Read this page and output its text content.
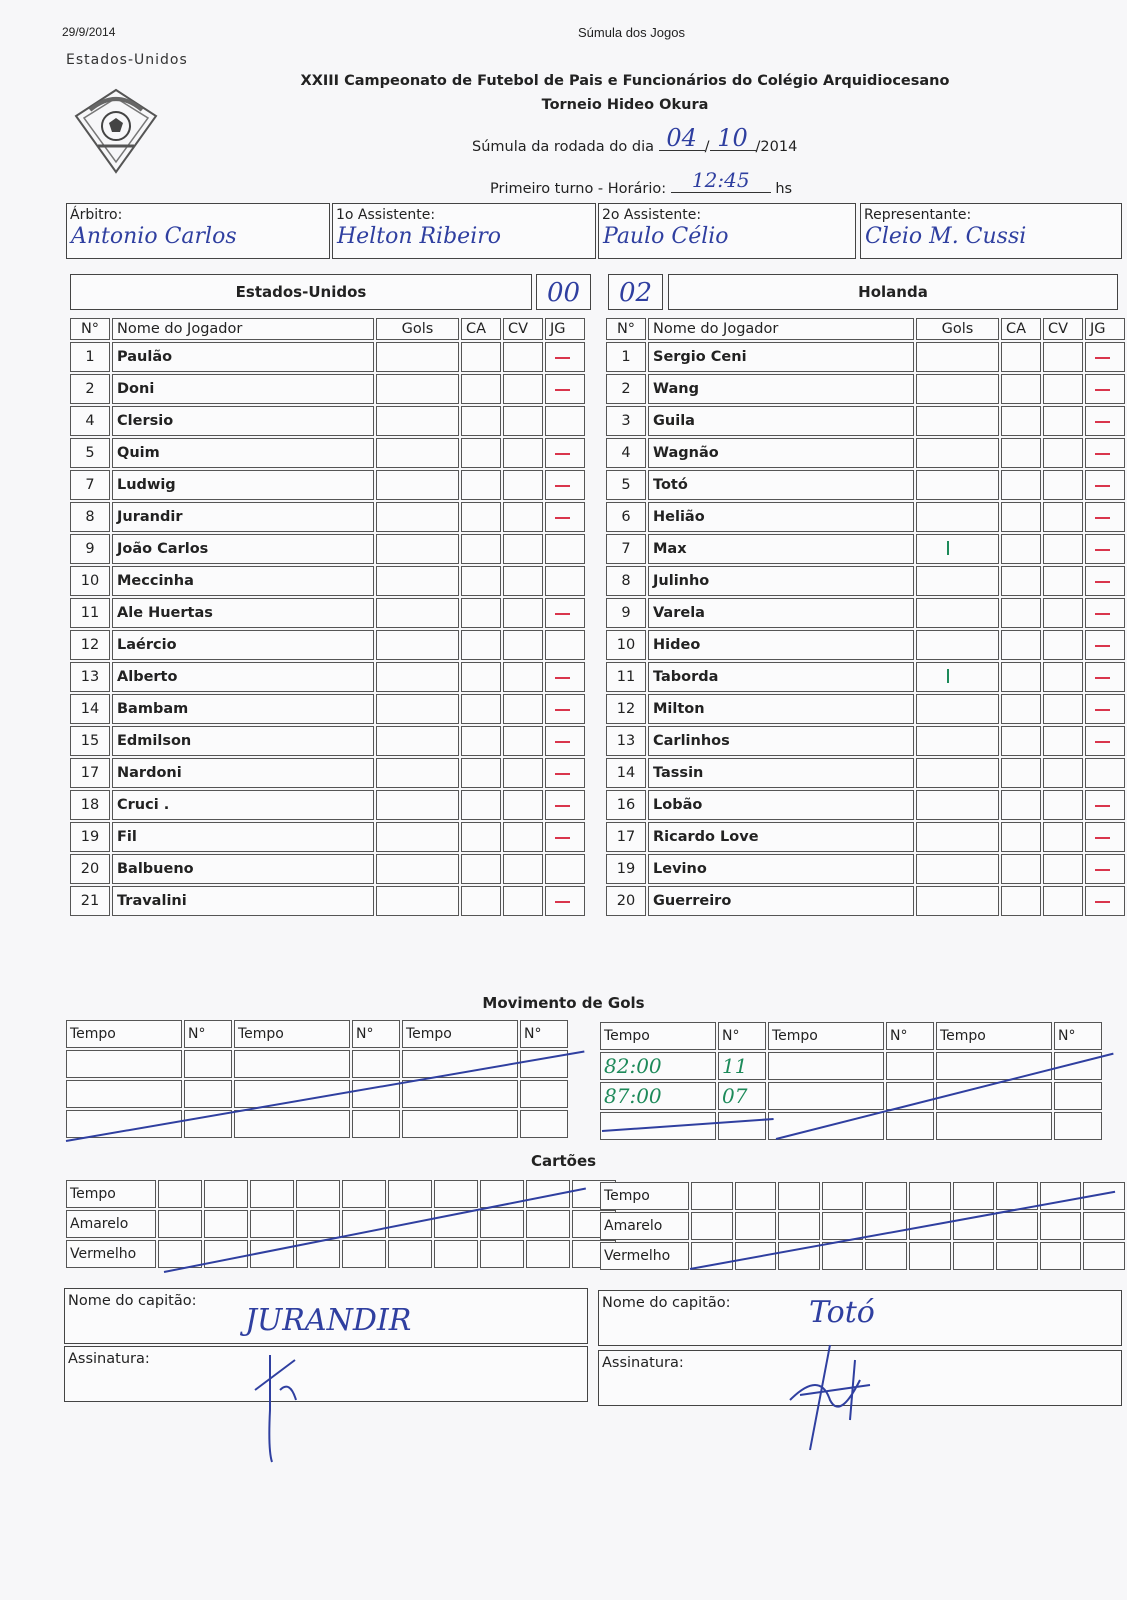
29/9/2014	Súmula dos Jogos
Estados-Unidos
XXIII Campeonato de Futebol de Pais e Funcionários do Colégio Arquidiocesano
Torneio Hideo Okura
Súmula da rodada do dia 04 / 10 /2014
Primeiro turno - Horário:	12:45	hs
Árbitro:
Antonio Carlos
1o Assistente:
Helton Ribeiro
2o Assistente:
Paulo Célio
Representante:
Cleio M. Cussi
Estados-Unidos	00	02	Holanda
N°	Nome do Jogador	Gols	CA	CV	JG
1	Paulão				

2	Doni				

4	Clersio				
5	Quim				

7	Ludwig				

8	Jurandir				

9	João Carlos				
10	Meccinha				
11	Ale Huertas				

12	Laércio				
13	Alberto				

14	Bambam				

15	Edmilson				

17	Nardoni				

18	Cruci .				

19	Fil				

20	Balbueno				
21	Travalini				
N°	Nome do Jogador	Gols	CA	CV	JG
1	Sergio Ceni				

2	Wang				

3	Guila				

4	Wagnão				

5	Totó				

6	Helião				

7	Max	

8	Julinho				

9	Varela				

10	Hideo				

11	Taborda	

12	Milton				

13	Carlinhos				

14	Tassin				
16	Lobão				

17	Ricardo Love				

19	Levino				

20	Guerreiro				
Movimento de Gols
Tempo	N°	Tempo	N°	Tempo	N°

						Tempo	N°	Tempo	N°	Tempo	N°
82:00	11				
87:00	07				

Cartões
Tempo										
Amarelo										
Vermelho										
Tempo										
Amarelo										
Vermelho										
Nome do capitão:
JURANDIR
Assinatura:
Nome do capitão:	Totó
Assinatura:
